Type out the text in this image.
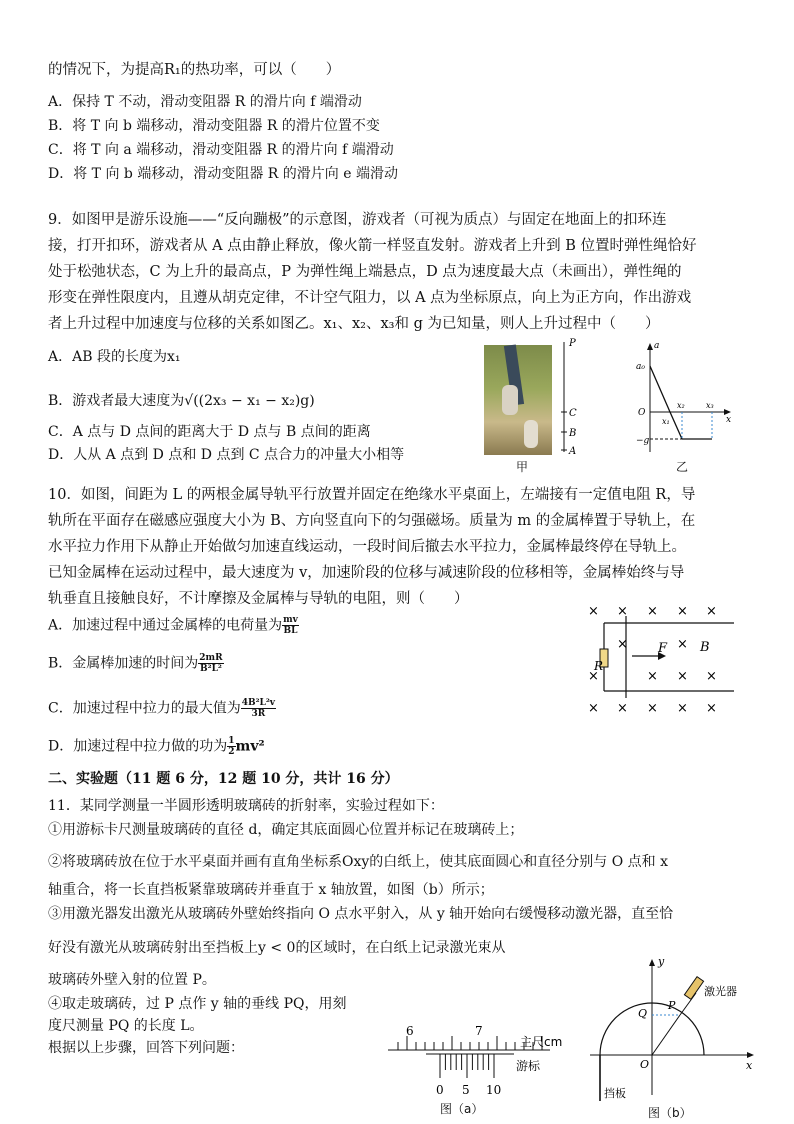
的情况下，为提高R₁的热功率，可以（　　）
A．保持 T 不动，滑动变阻器 R 的滑片向 f 端滑动
B．将 T 向 b 端移动，滑动变阻器 R 的滑片位置不变
C．将 T 向 a 端移动，滑动变阻器 R 的滑片向 f 端滑动
D．将 T 向 b 端移动，滑动变阻器 R 的滑片向 e 端滑动
9．如图甲是游乐设施——“反向蹦极”的示意图，游戏者（可视为质点）与固定在地面上的扣环连
接，打开扣环，游戏者从 A 点由静止释放，像火箭一样竖直发射。游戏者上升到 B 位置时弹性绳恰好
处于松弛状态，C 为上升的最高点，P 为弹性绳上端悬点，D 点为速度最大点（未画出），弹性绳的
形变在弹性限度内，且遵从胡克定律，不计空气阻力，以 A 点为坐标原点，向上为正方向，作出游戏
者上升过程中加速度与位移的关系如图乙。x₁、x₂、x₃和 g 为已知量，则人上升过程中（　　）
A．AB 段的长度为x₁
B．游戏者最大速度为√((2x₃ − x₁ − x₂)g)
C．A 点与 D 点间的距离大于 D 点与 B 点间的距离
D．人从 A 点到 D 点和 D 点到 C 点合力的冲量大小相等
P
C
B
A
甲
a
a₀
O
−g
x
x₁
x₂	x₃
乙
10．如图，间距为 L 的两根金属导轨平行放置并固定在绝缘水平桌面上，左端接有一定值电阻 R，导
轨所在平面存在磁感应强度大小为 B、方向竖直向下的匀强磁场。质量为 m 的金属棒置于导轨上，在
水平拉力作用下从静止开始做匀加速直线运动，一段时间后撤去水平拉力，金属棒最终停在导轨上。
已知金属棒在运动过程中，最大速度为 v，加速阶段的位移与减速阶段的位移相等，金属棒始终与导
轨垂直且接触良好，不计摩擦及金属棒与导轨的电阻，则（　　）
A．加速过程中通过金属棒的电荷量为 $\frac{mv}{BL}$
B．金属棒加速的时间为 $\frac{2mR}{\text{B²L²}}$
C．加速过程中拉力的最大值为 $\frac{\text{4B²L²v}}{3R}$
D．加速过程中拉力做的功为 $\frac{1}{2} mv^2$
F	B
R
× × × × ×
×	×
×	× × ×
× × × × ×
二、实验题（11 题 6 分，12 题 10 分，共计 16 分）
11．某同学测量一半圆形透明玻璃砖的折射率，实验过程如下：
①用游标卡尺测量玻璃砖的直径 d，确定其底面圆心位置并标记在玻璃砖上；
②将玻璃砖放在位于水平桌面并画有直角坐标系Oxy的白纸上，使其底面圆心和直径分别与 O 点和 x
轴重合，将一长直挡板紧靠玻璃砖并垂直于 x 轴放置，如图（b）所示；
③用激光器发出激光从玻璃砖外壁始终指向 O 点水平射入，从 y 轴开始向右缓慢移动激光器，直至恰
好没有激光从玻璃砖射出至挡板上y < 0的区域时，在白纸上记录激光束从
玻璃砖外壁入射的位置 P。
④取走玻璃砖，过 P 点作 y 轴的垂线 PQ，用刻
度尺测量 PQ 的长度 L。
根据以上步骤，回答下列问题：
6	7
主尺cm
游标
0 5 10
图（a）
y
x
O
Q
P
激光器
挡板
图（b）
